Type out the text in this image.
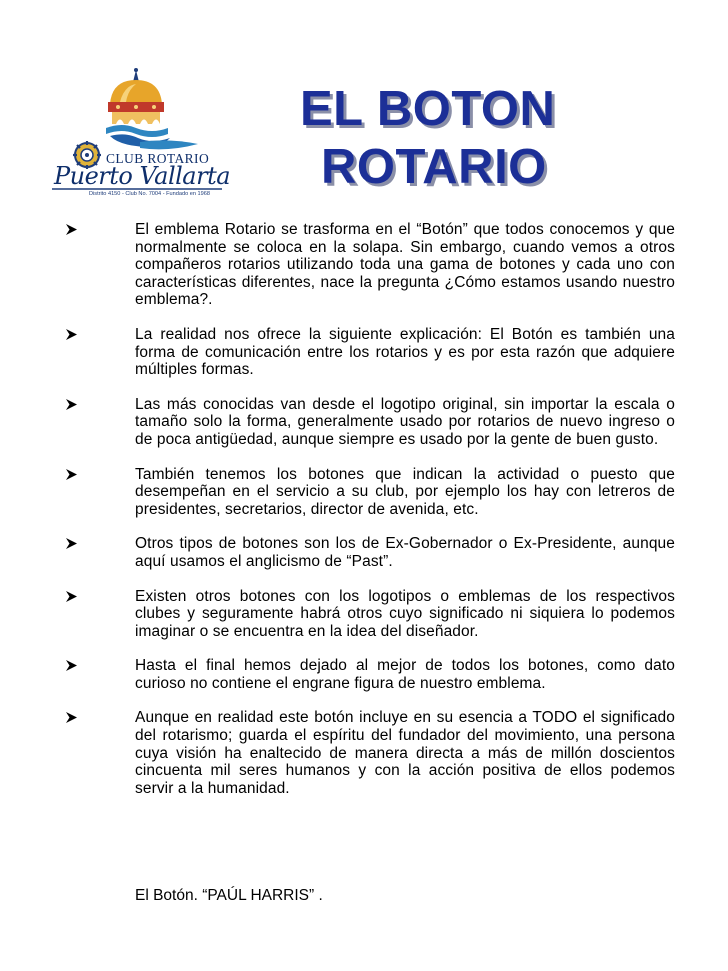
CLUB ROTARIO
Puerto Vallarta
Distrito 4150 - Club No. 7004 - Fundado en 1968
EL BOTON
ROTARIO
El emblema Rotario se trasforma en el “Botón” que todos conocemos y que normalmente se coloca en la solapa. Sin embargo, cuando vemos a otros compañeros rotarios utilizando toda una gama de botones y cada uno con características diferentes, nace la pregunta ¿Cómo estamos usando nuestro emblema?.
La realidad nos ofrece la siguiente explicación: El Botón es también una forma de comunicación entre los rotarios y es por esta razón que adquiere múltiples formas.
Las más conocidas van desde el logotipo original, sin importar la escala o tamaño solo la forma, generalmente usado por rotarios de nuevo ingreso o de poca antigüedad, aunque siempre es usado por la gente de buen gusto.
También tenemos los botones que indican la actividad o puesto que desempeñan en el servicio a su club, por ejemplo los hay con letreros de presidentes, secretarios, director de avenida, etc.
Otros tipos de botones son los de Ex-Gobernador o Ex-Presidente, aunque aquí usamos el anglicismo de “Past”.
Existen otros botones con los logotipos o emblemas de los respectivos clubes y seguramente habrá otros cuyo significado ni siquiera lo podemos imaginar o se encuentra en la idea del diseñador.
Hasta el final hemos dejado al mejor de todos los botones, como dato curioso no contiene el engrane figura de nuestro emblema.
Aunque en realidad este botón incluye en su esencia a TODO el significado del rotarismo; guarda el espíritu del fundador del movimiento, una persona cuya visión ha enaltecido de manera directa a más de millón doscientos cincuenta mil seres humanos y con la acción positiva de ellos podemos servir a la humanidad.
El Botón. “PAÚL HARRIS” .
